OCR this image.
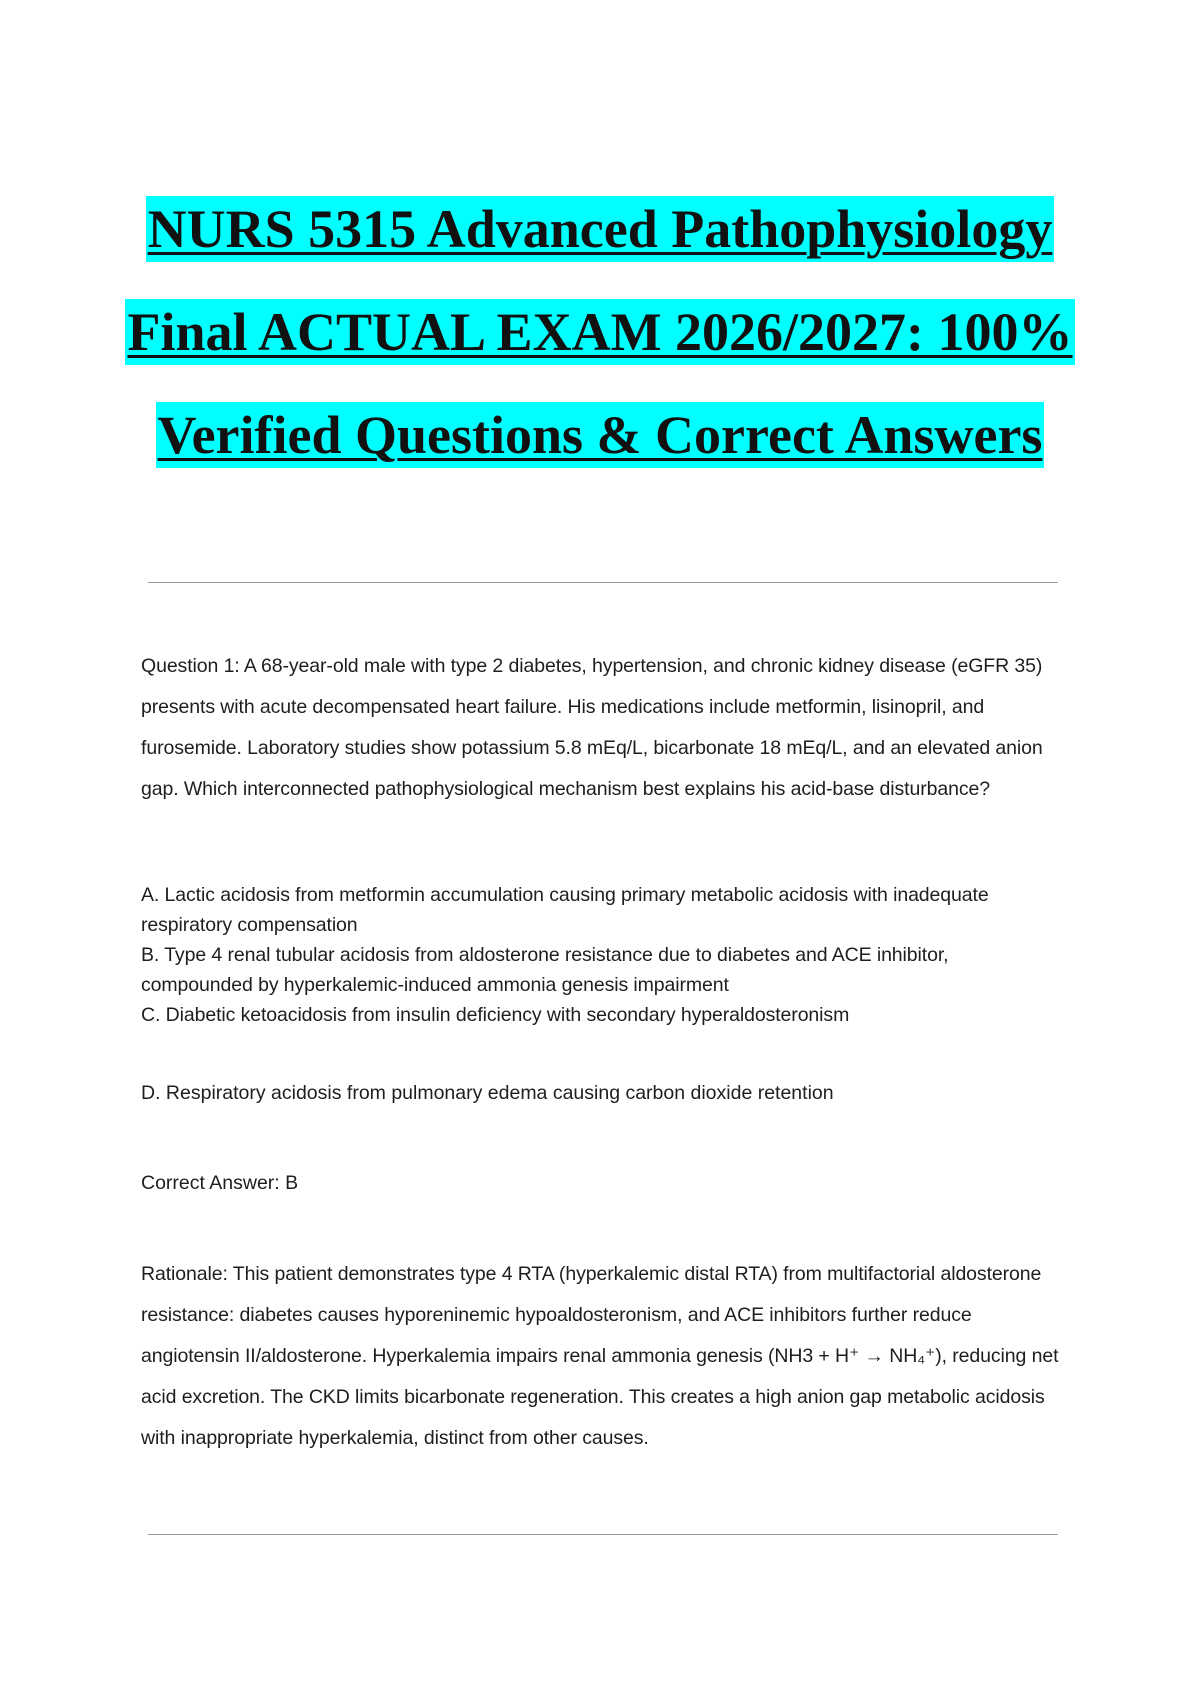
NURS 5315 Advanced Pathophysiology
Final ACTUAL EXAM 2026/2027: 100%
Verified Questions & Correct Answers

Question 1: A 68-year-old male with type 2 diabetes, hypertension, and chronic kidney disease (eGFR 35) presents with acute decompensated heart failure. His medications include metformin, lisinopril, and furosemide. Laboratory studies show potassium 5.8 mEq/L, bicarbonate 18 mEq/L, and an elevated anion gap. Which interconnected pathophysiological mechanism best explains his acid-base disturbance?

A. Lactic acidosis from metformin accumulation causing primary metabolic acidosis with inadequate respiratory compensation

B. Type 4 renal tubular acidosis from aldosterone resistance due to diabetes and ACE inhibitor, compounded by hyperkalemic-induced ammonia genesis impairment

C. Diabetic ketoacidosis from insulin deficiency with secondary hyperaldosteronism

D. Respiratory acidosis from pulmonary edema causing carbon dioxide retention

Correct Answer: B

Rationale: This patient demonstrates type 4 RTA (hyperkalemic distal RTA) from multifactorial aldosterone resistance: diabetes causes hyporeninemic hypoaldosteronism, and ACE inhibitors further reduce angiotensin II/aldosterone. Hyperkalemia impairs renal ammonia genesis (NH3 + H⁺ → NH₄⁺), reducing net acid excretion. The CKD limits bicarbonate regeneration. This creates a high anion gap metabolic acidosis with inappropriate hyperkalemia, distinct from other causes.
